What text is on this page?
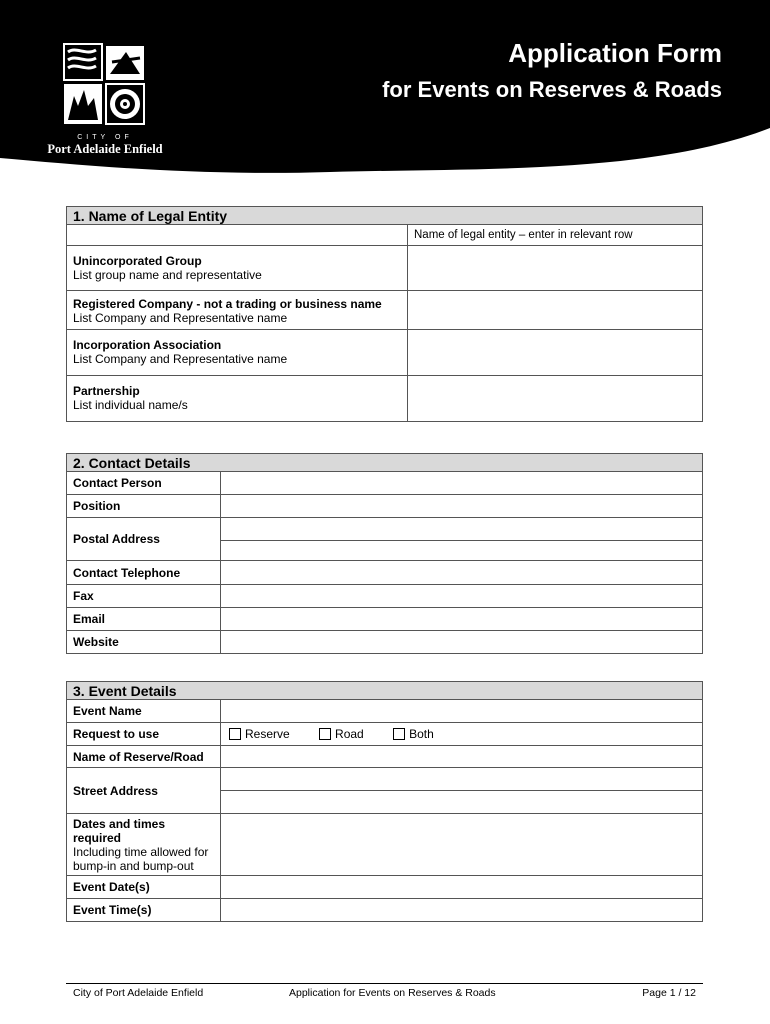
CITY OF
Port Adelaide Enfield
Application Form
for Events on Reserves & Roads
1. Name of Legal Entity	
	Name of legal entity – enter in relevant row

Unincorporated Group
List group name and representative	

Registered Company - not a trading or business name
List Company and Representative name	

Incorporation Association
List Company and Representative name	

Partnership
List individual name/s	

2. Contact Details	
Contact Person	
Position	
Postal Address	

Contact Telephone	
Fax	
Email	
Website	
3. Event Details	
Event Name	
Request to use	Reserve Road Both
Name of Reserve/Road	
Street Address	

Dates and times required
Including time allowed for
bump-in and bump-out	

Event Date(s)	
Event Time(s)	
City of Port Adelaide Enfield	Application for Events on Reserves & Roads	Page 1 / 12
